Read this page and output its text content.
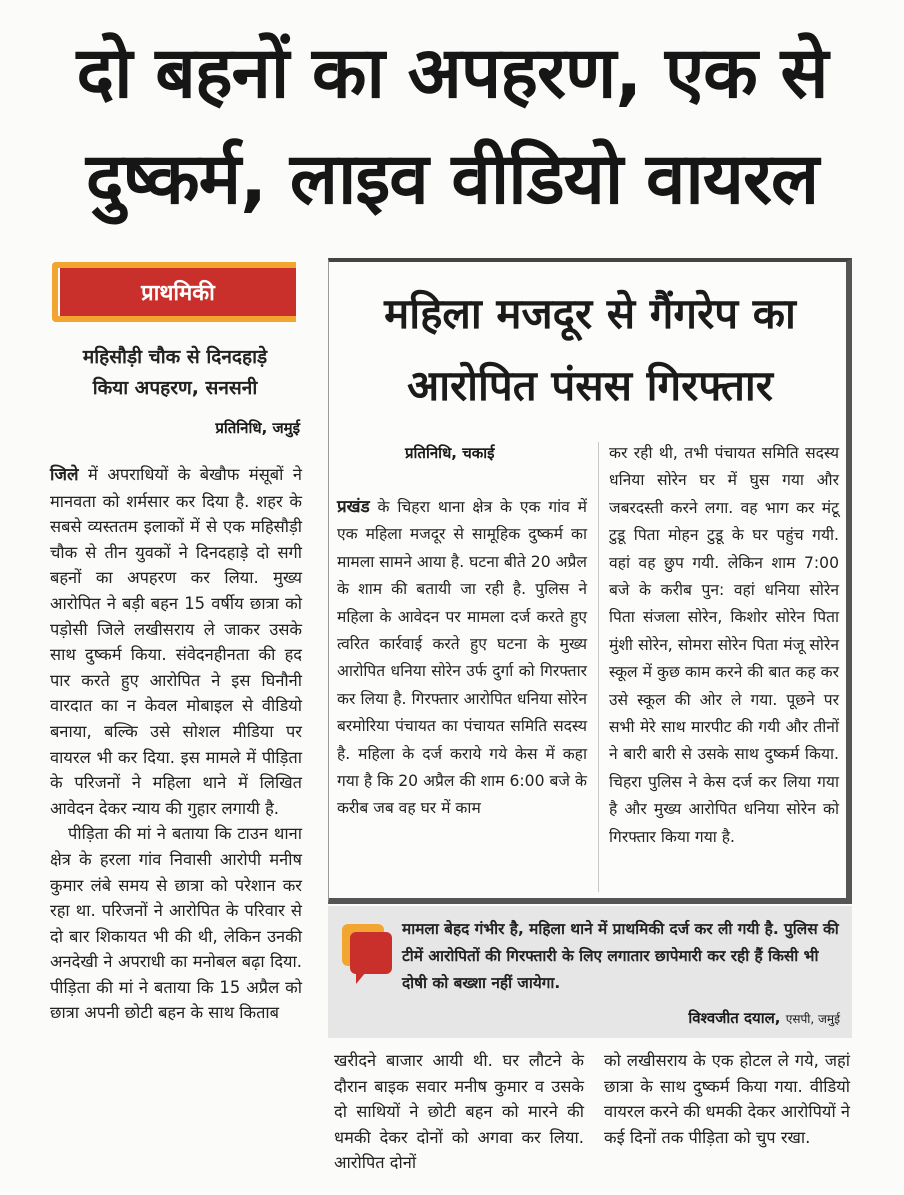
दो बहनों का अपहरण, एक से
दुष्कर्म, लाइव वीडियो वायरल
प्राथमिकी
महिसौड़ी चौक से दिनदहाड़े
किया अपहरण, सनसनी
प्रतिनिधि, जमुई

जिले में अपराधियों के बेखौफ मंसूबों ने मानवता को शर्मसार कर दिया है. शहर के सबसे व्यस्ततम इलाकों में से एक महिसौड़ी चौक से तीन युवकों ने दिनदहाड़े दो सगी बहनों का अपहरण कर लिया. मुख्य आरोपित ने बड़ी बहन 15 वर्षीय छात्रा को पड़ोसी जिले लखीसराय ले जाकर उसके साथ दुष्कर्म किया. संवेदनहीनता की हद पार करते हुए आरोपित ने इस घिनौनी वारदात का न केवल मोबाइल से वीडियो बनाया, बल्कि उसे सोशल मीडिया पर वायरल भी कर दिया. इस मामले में पीड़िता के परिजनों ने महिला थाने में लिखित आवेदन देकर न्याय की गुहार लगायी है.

पीड़िता की मां ने बताया कि टाउन थाना क्षेत्र के हरला गांव निवासी आरोपी मनीष कुमार लंबे समय से छात्रा को परेशान कर रहा था. परिजनों ने आरोपित के परिवार से दो बार शिकायत भी की थी, लेकिन उनकी अनदेखी ने अपराधी का मनोबल बढ़ा दिया. पीड़िता की मां ने बताया कि 15 अप्रैल को छात्रा अपनी छोटी बहन के साथ किताब

महिला मजदूर से गैंगरेप का
आरोपित पंसस गिरफ्तार
प्रतिनिधि, चकाई

प्रखंड के चिहरा थाना क्षेत्र के एक गांव में एक महिला मजदूर से सामूहिक दुष्कर्म का मामला सामने आया है. घटना बीते 20 अप्रैल के शाम की बतायी जा रही है. पुलिस ने महिला के आवेदन पर मामला दर्ज करते हुए त्वरित कार्रवाई करते हुए घटना के मुख्य आरोपित धनिया सोरेन उर्फ दुर्गा को गिरफ्तार कर लिया है. गिरफ्तार आरोपित धनिया सोरेन बरमोरिया पंचायत का पंचायत समिति सदस्य है. महिला के दर्ज कराये गये केस में कहा गया है कि 20 अप्रैल की शाम 6:00 बजे के करीब जब वह घर में काम

कर रही थी, तभी पंचायत समिति सदस्य धनिया सोरेन घर में घुस गया और जबरदस्ती करने लगा. वह भाग कर मंटू टुडू पिता मोहन टुडू के घर पहुंच गयी. वहां वह छुप गयी. लेकिन शाम 7:00 बजे के करीब पुन: वहां धनिया सोरेन पिता संजला सोरेन, किशोर सोरेन पिता मुंशी सोरेन, सोमरा सोरेन पिता मंजू सोरेन स्कूल में कुछ काम करने की बात कह कर उसे स्कूल की ओर ले गया. पूछने पर सभी मेरे साथ मारपीट की गयी और तीनों ने बारी बारी से उसके साथ दुष्कर्म किया. चिहरा पुलिस ने केस दर्ज कर लिया गया है और मुख्य आरोपित धनिया सोरेन को गिरफ्तार किया गया है.
मामला बेहद गंभीर है, महिला थाने में प्राथमिकी दर्ज कर ली गयी है. पुलिस की टीमें आरोपितों की गिरफ्तारी के लिए लगातार छापेमारी कर रही हैं किसी भी दोषी को बख्शा नहीं जायेगा.
विश्वजीत दयाल, एसपी, जमुई
खरीदने बाजार आयी थी. घर लौटने के दौरान बाइक सवार मनीष कुमार व उसके दो साथियों ने छोटी बहन को मारने की धमकी देकर दोनों को अगवा कर लिया. आरोपित दोनों
को लखीसराय के एक होटल ले गये, जहां छात्रा के साथ दुष्कर्म किया गया. वीडियो वायरल करने की धमकी देकर आरोपियों ने कई दिनों तक पीड़िता को चुप रखा.
